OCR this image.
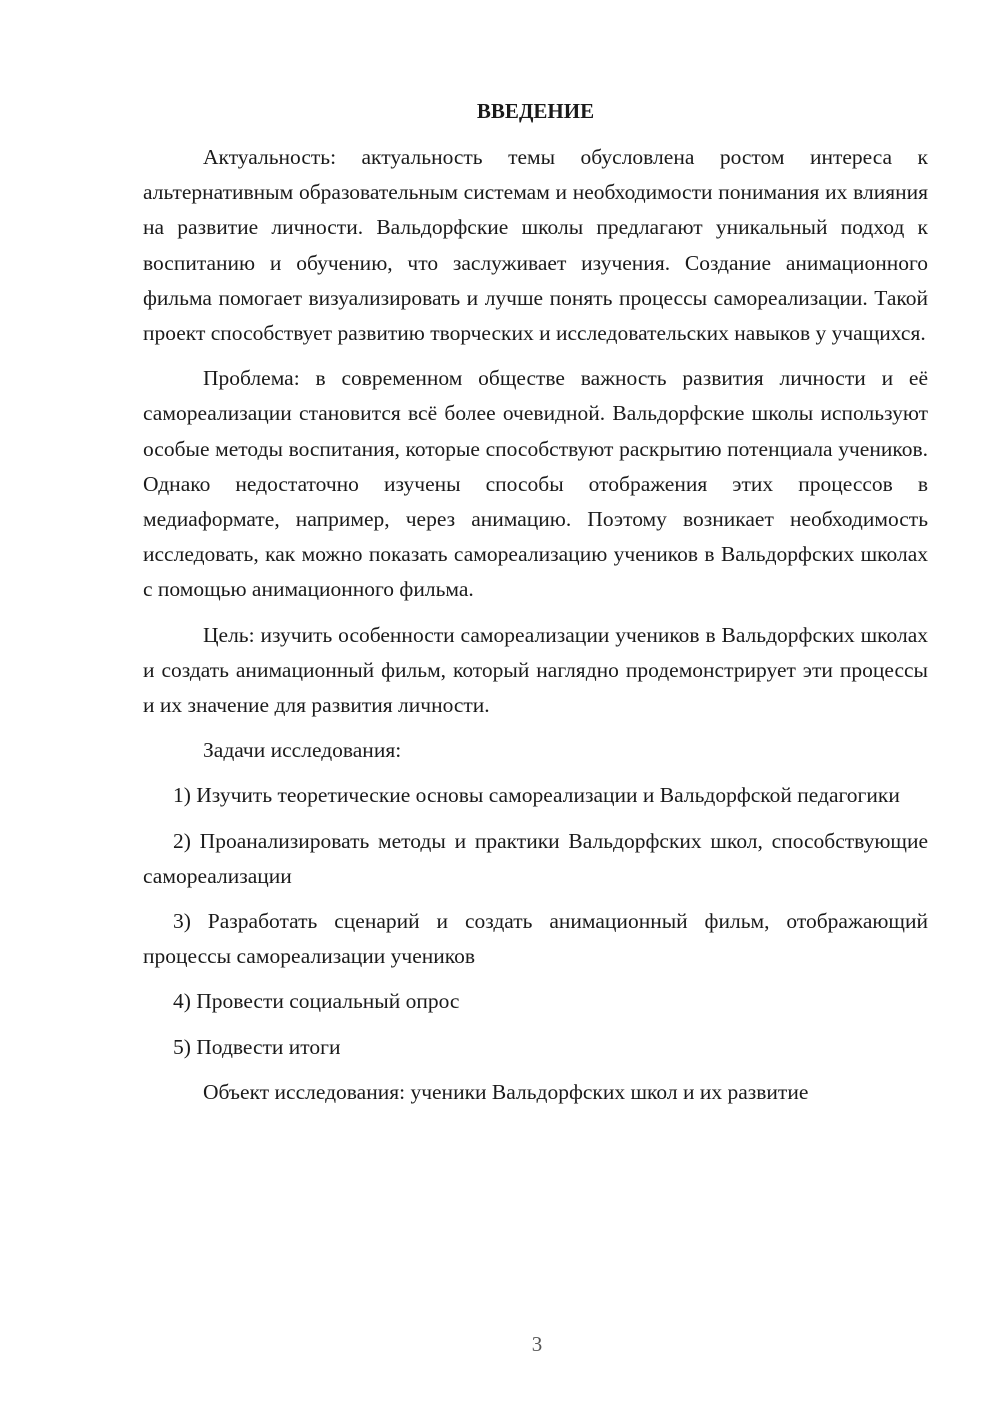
ВВЕДЕНИЕ
Актуальность: актуальность темы обусловлена ростом интереса к альтернативным образовательным системам и необходимости понимания их влияния на развитие личности. Вальдорфские школы предлагают уникальный подход к воспитанию и обучению, что заслуживает изучения. Создание анимационного фильма помогает визуализировать и лучше понять процессы самореализации. Такой проект способствует развитию творческих и исследовательских навыков у учащихся.
Проблема: в современном обществе важность развития личности и её самореализации становится всё более очевидной. Вальдорфские школы используют особые методы воспитания, которые способствуют раскрытию потенциала учеников. Однако недостаточно изучены способы отображения этих процессов в медиаформате, например, через анимацию. Поэтому возникает необходимость исследовать, как можно показать самореализацию учеников в Вальдорфских школах с помощью анимационного фильма.
Цель: изучить особенности самореализации учеников в Вальдорфских школах и создать анимационный фильм, который наглядно продемонстрирует эти процессы и их значение для развития личности.
Задачи исследования:
1) Изучить теоретические основы самореализации и Вальдорфской педагогики
2) Проанализировать методы и практики Вальдорфских школ, способствующие самореализации
3) Разработать сценарий и создать анимационный фильм, отображающий процессы самореализации учеников
4) Провести социальный опрос
5) Подвести итоги
Объект исследования: ученики Вальдорфских школ и их развитие
3
